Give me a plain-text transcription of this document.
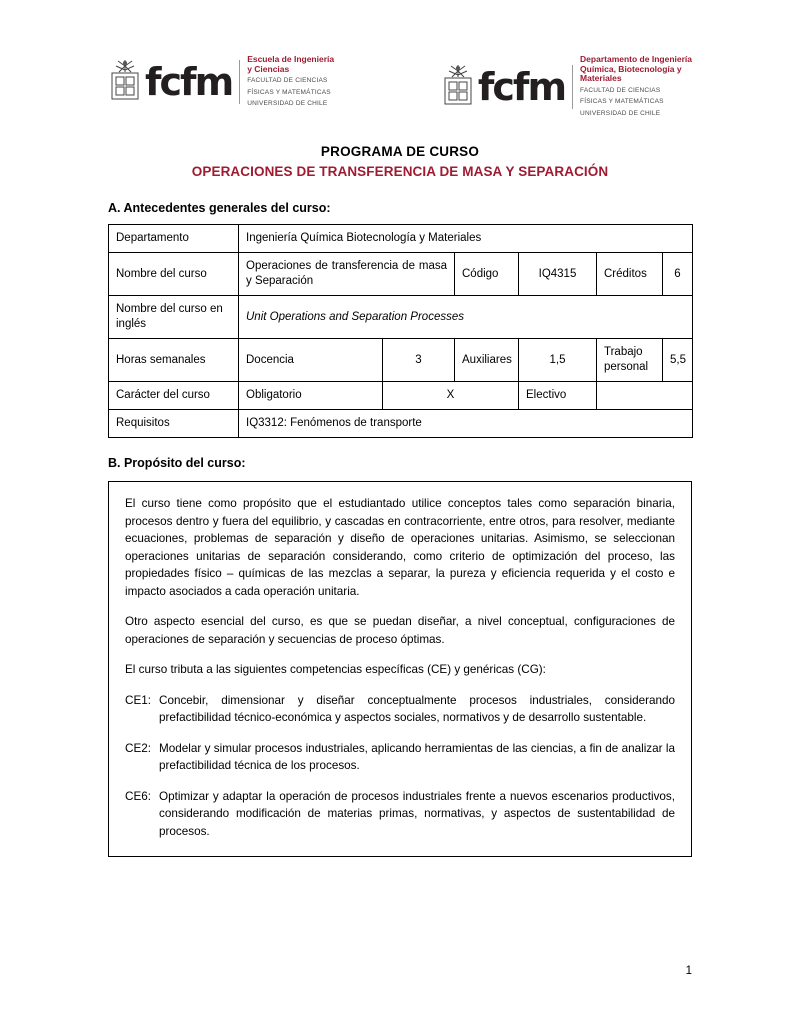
fcfm
Escuela de Ingeniería
y Ciencias
FACULTAD DE CIENCIAS
FÍSICAS Y MATEMÁTICAS
UNIVERSIDAD DE CHILE	fcfm
Departamento de Ingeniería
Química, Biotecnología y
Materiales
FACULTAD DE CIENCIAS
FÍSICAS Y MATEMÁTICAS
UNIVERSIDAD DE CHILE
PROGRAMA DE CURSO
OPERACIONES DE TRANSFERENCIA DE MASA Y SEPARACIÓN
A. Antecedentes generales del curso:
Departamento	Ingeniería Química Biotecnología y Materiales					
Nombre del curso	Operaciones de transferencia de masa y Separación		Código	IQ4315	Créditos	6
Nombre del curso en inglés	Unit Operations and Separation Processes					
Horas semanales	Docencia	3	Auxiliares	1,5	Trabajo personal	5,5
Carácter del curso	Obligatorio	X		Electivo		
Requisitos	IQ3312: Fenómenos de transporte					
B. Propósito del curso:

El curso tiene como propósito que el estudiantado utilice conceptos tales como separación binaria, procesos dentro y fuera del equilibrio, y cascadas en contracorriente, entre otros, para resolver, mediante ecuaciones, problemas de separación y diseño de operaciones unitarias. Asimismo, se seleccionan operaciones unitarias de separación considerando, como criterio de optimización del proceso, las propiedades físico – químicas de las mezclas a separar, la pureza y eficiencia requerida y el costo e impacto asociados a cada operación unitaria.

Otro aspecto esencial del curso, es que se puedan diseñar, a nivel conceptual, configuraciones de operaciones de separación y secuencias de proceso óptimas.

El curso tributa a las siguientes competencias específicas (CE) y genéricas (CG):

CE1: Concebir, dimensionar y diseñar conceptualmente procesos industriales, considerando prefactibilidad técnico-económica y aspectos sociales, normativos y de desarrollo sustentable.
CE2: Modelar y simular procesos industriales, aplicando herramientas de las ciencias, a fin de analizar la prefactibilidad técnica de los procesos.
CE6: Optimizar y adaptar la operación de procesos industriales frente a nuevos escenarios productivos, considerando modificación de materias primas, normativas, y aspectos de sustentabilidad de procesos.
1
